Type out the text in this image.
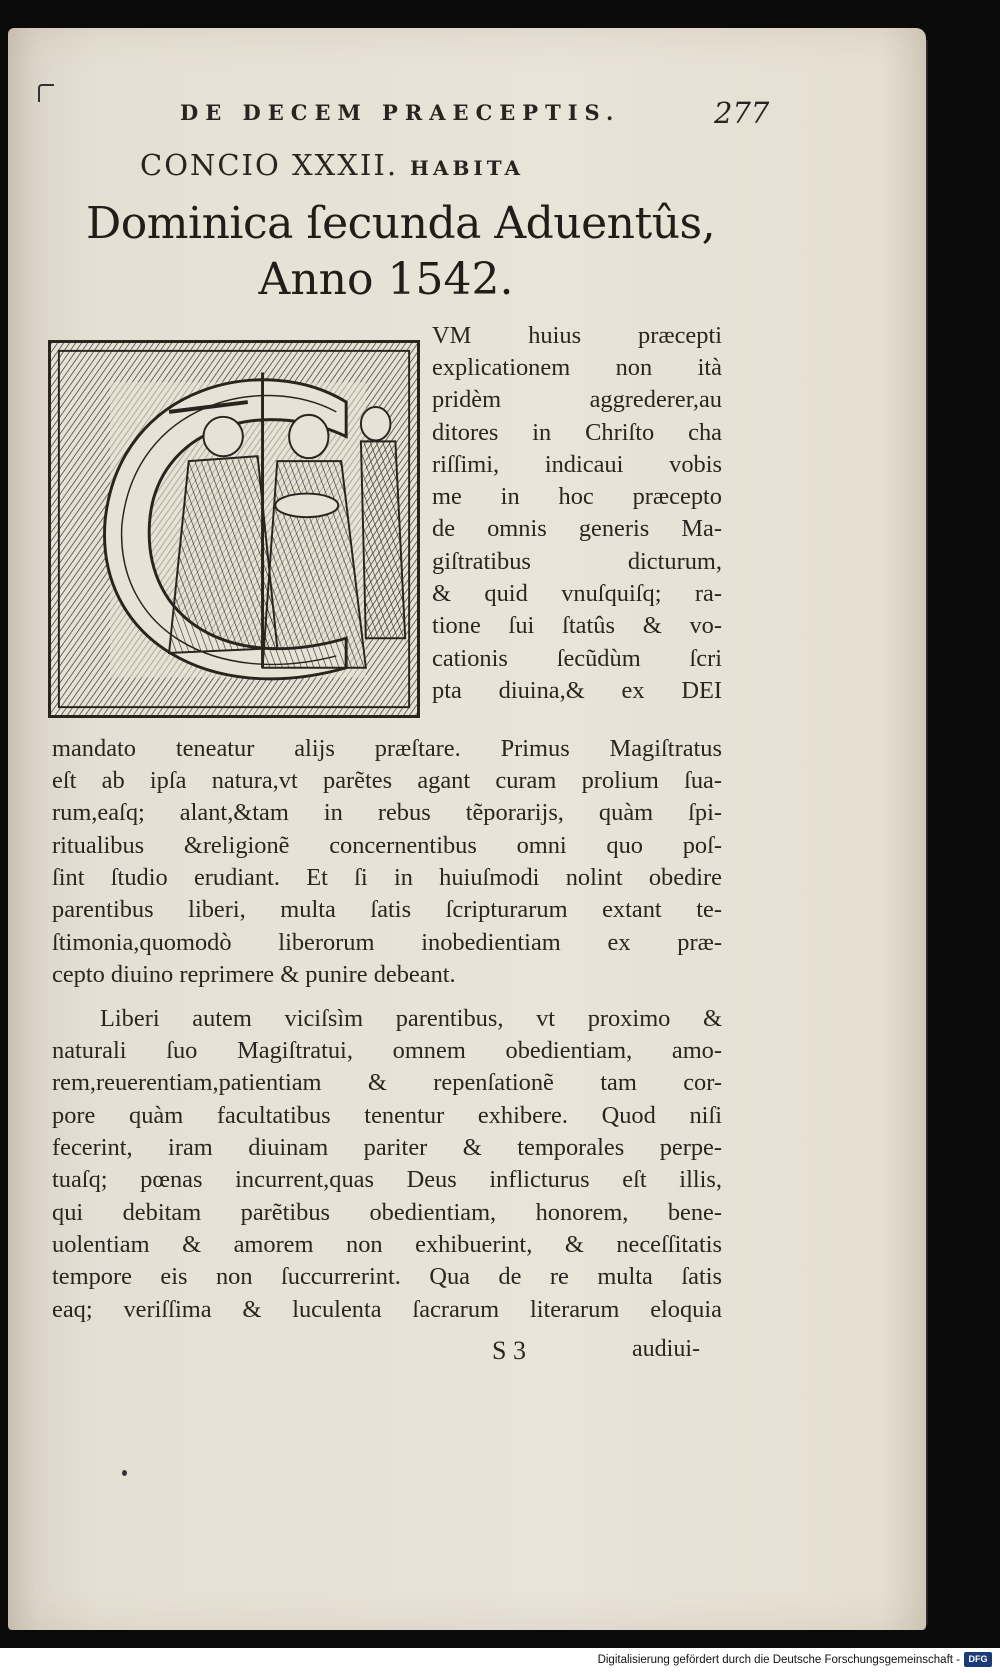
DE DECEM PRAECEPTIS.	277
CONCIO XXXII. HABITA
Dominica ſecunda Aduentûs,
Anno 1542.
VM huius præcepti
explicationem non ità
pridèm aggrederer,au
ditores in Chriſto cha
riſſimi, indicaui vobis
me in hoc præcepto
de omnis generis Ma-
giſtratibus dicturum,
& quid vnuſquiſq; ra-
tione ſui ſtatûs & vo-
cationis ſecũdùm ſcri
pta diuina,& ex DEI
mandato teneatur alijs præſtare. Primus Magiſtratus
eſt ab ipſa natura,vt parẽtes agant curam prolium ſua-
rum,eaſq; alant,&tam in rebus tẽporarijs, quàm ſpi-
ritualibus &religionẽ concernentibus omni quo poſ-
ſint ſtudio erudiant. Et ſi in huiuſmodi nolint obedire
parentibus liberi, multa ſatis ſcripturarum extant te-
ſtimonia,quomodò liberorum inobedientiam ex præ-
cepto diuino reprimere & punire debeant.
Liberi autem viciſsìm parentibus, vt proximo &
naturali ſuo Magiſtratui, omnem obedientiam, amo-
rem,reuerentiam,patientiam & repenſationẽ tam cor-
pore quàm facultatibus tenentur exhibere. Quod niſi
fecerint, iram diuinam pariter & temporales perpe-
tuaſq; pœnas incurrent,quas Deus inflicturus eſt illis,
qui debitam parẽtibus obedientiam, honorem, bene-
uolentiam & amorem non exhibuerint, & neceſſitatis
tempore eis non ſuccurrerint. Qua de re multa ſatis
eaq; veriſſima & luculenta ſacrarum literarum eloquia
S 3	audiui-
Digitalisierung gefördert durch die Deutsche Forschungsgemeinschaft - DFG
